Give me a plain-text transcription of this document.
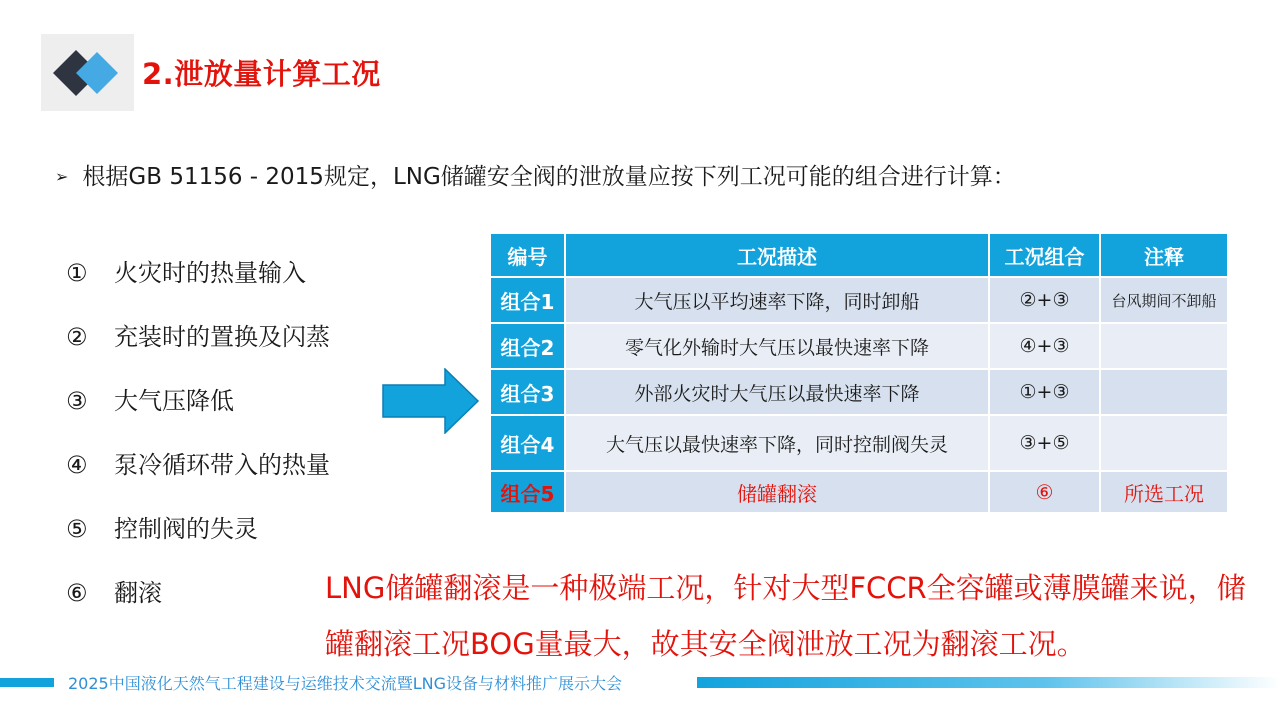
2.泄放量计算工况
➢ 根据GB 51156 - 2015规定，LNG储罐安全阀的泄放量应按下列工况可能的组合进行计算：
①	火灾时的热量输入
②	充装时的置换及闪蒸
③	大气压降低
④	泵冷循环带入的热量
⑤	控制阀的失灵
⑥	翻滚
编号	工况描述	工况组合	注释
组合1	大气压以平均速率下降，同时卸船	②+③	台风期间不卸船
组合2	零气化外输时大气压以最快速率下降	④+③	
组合3	外部火灾时大气压以最快速率下降	①+③	
组合4	大气压以最快速率下降，同时控制阀失灵	③+⑤	
组合5	储罐翻滚	⑥	所选工况
LNG储罐翻滚是一种极端工况，针对大型FCCR全容罐或薄膜罐来说，储罐翻滚工况BOG量最大，故其安全阀泄放工况为翻滚工况。
2025中国液化天然气工程建设与运维技术交流暨LNG设备与材料推广展示大会
